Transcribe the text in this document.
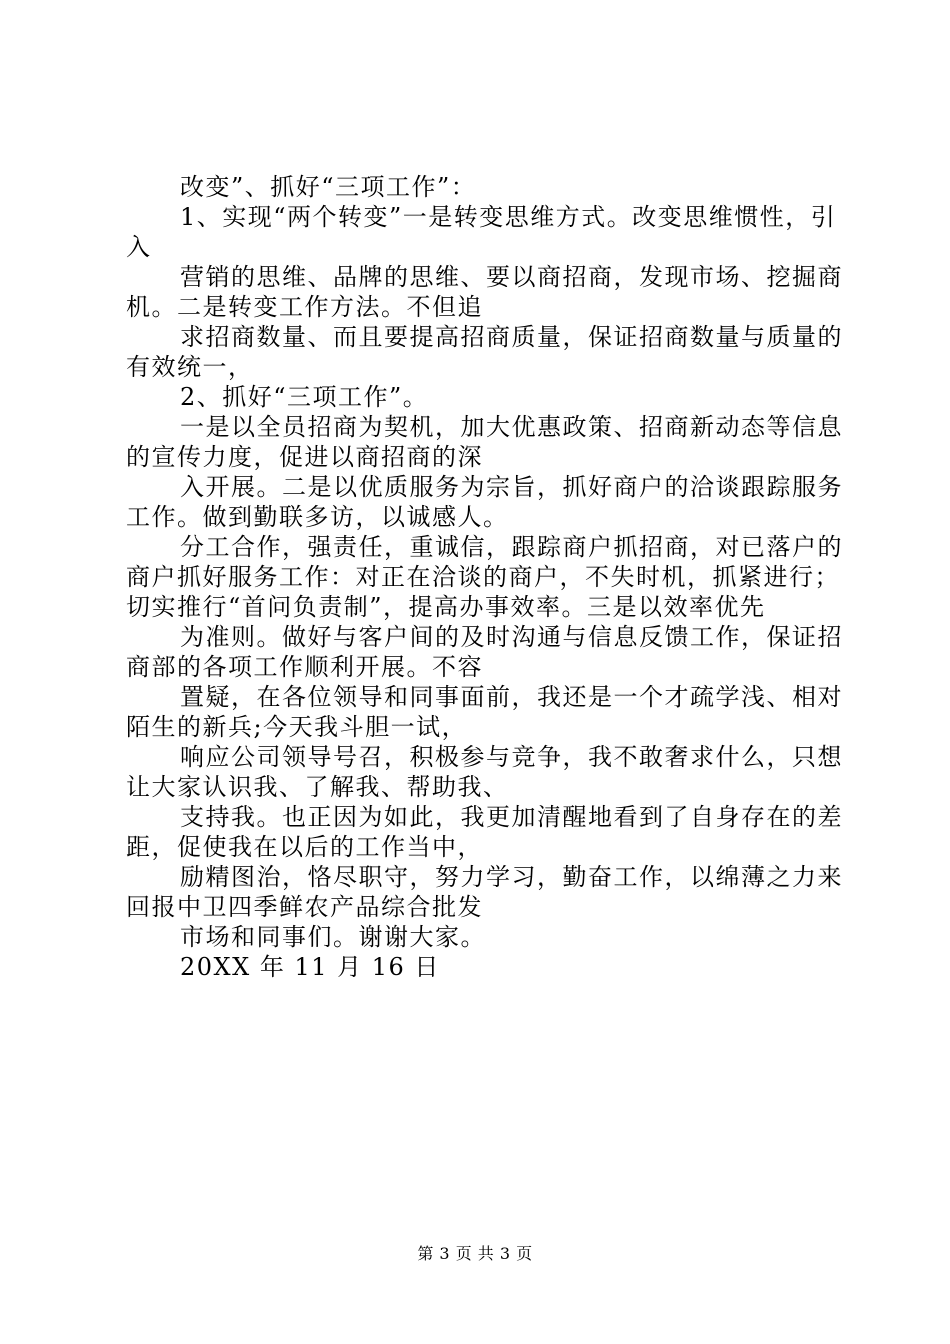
改变”、抓好“三项工作”：

1、实现“两个转变”一是转变思维方式。改变思维惯性，引入

营销的思维、品牌的思维、要以商招商，发现市场、挖掘商机。二是转变工作方法。不但追

求招商数量、而且要提高招商质量，保证招商数量与质量的有效统一，

2、抓好“三项工作”。

一是以全员招商为契机，加大优惠政策、招商新动态等信息的宣传力度，促进以商招商的深

入开展。二是以优质服务为宗旨，抓好商户的洽谈跟踪服务工作。做到勤联多访，以诚感人。

分工合作，强责任，重诚信，跟踪商户抓招商，对已落户的商户抓好服务工作：对正在洽谈的商户，不失时机，抓紧进行；切实推行“首问负责制”，提高办事效率。三是以效率优先

为准则。做好与客户间的及时沟通与信息反馈工作，保证招商部的各项工作顺利开展。不容

置疑，在各位领导和同事面前，我还是一个才疏学浅、相对陌生的新兵;今天我斗胆一试，

响应公司领导号召，积极参与竞争，我不敢奢求什么，只想让大家认识我、了解我、帮助我、

支持我。也正因为如此，我更加清醒地看到了自身存在的差距，促使我在以后的工作当中，

励精图治，恪尽职守，努力学习，勤奋工作，以绵薄之力来回报中卫四季鲜农产品综合批发

市场和同事们。谢谢大家。

20XX 年 11 月 16 日

第 3 页 共 3 页
